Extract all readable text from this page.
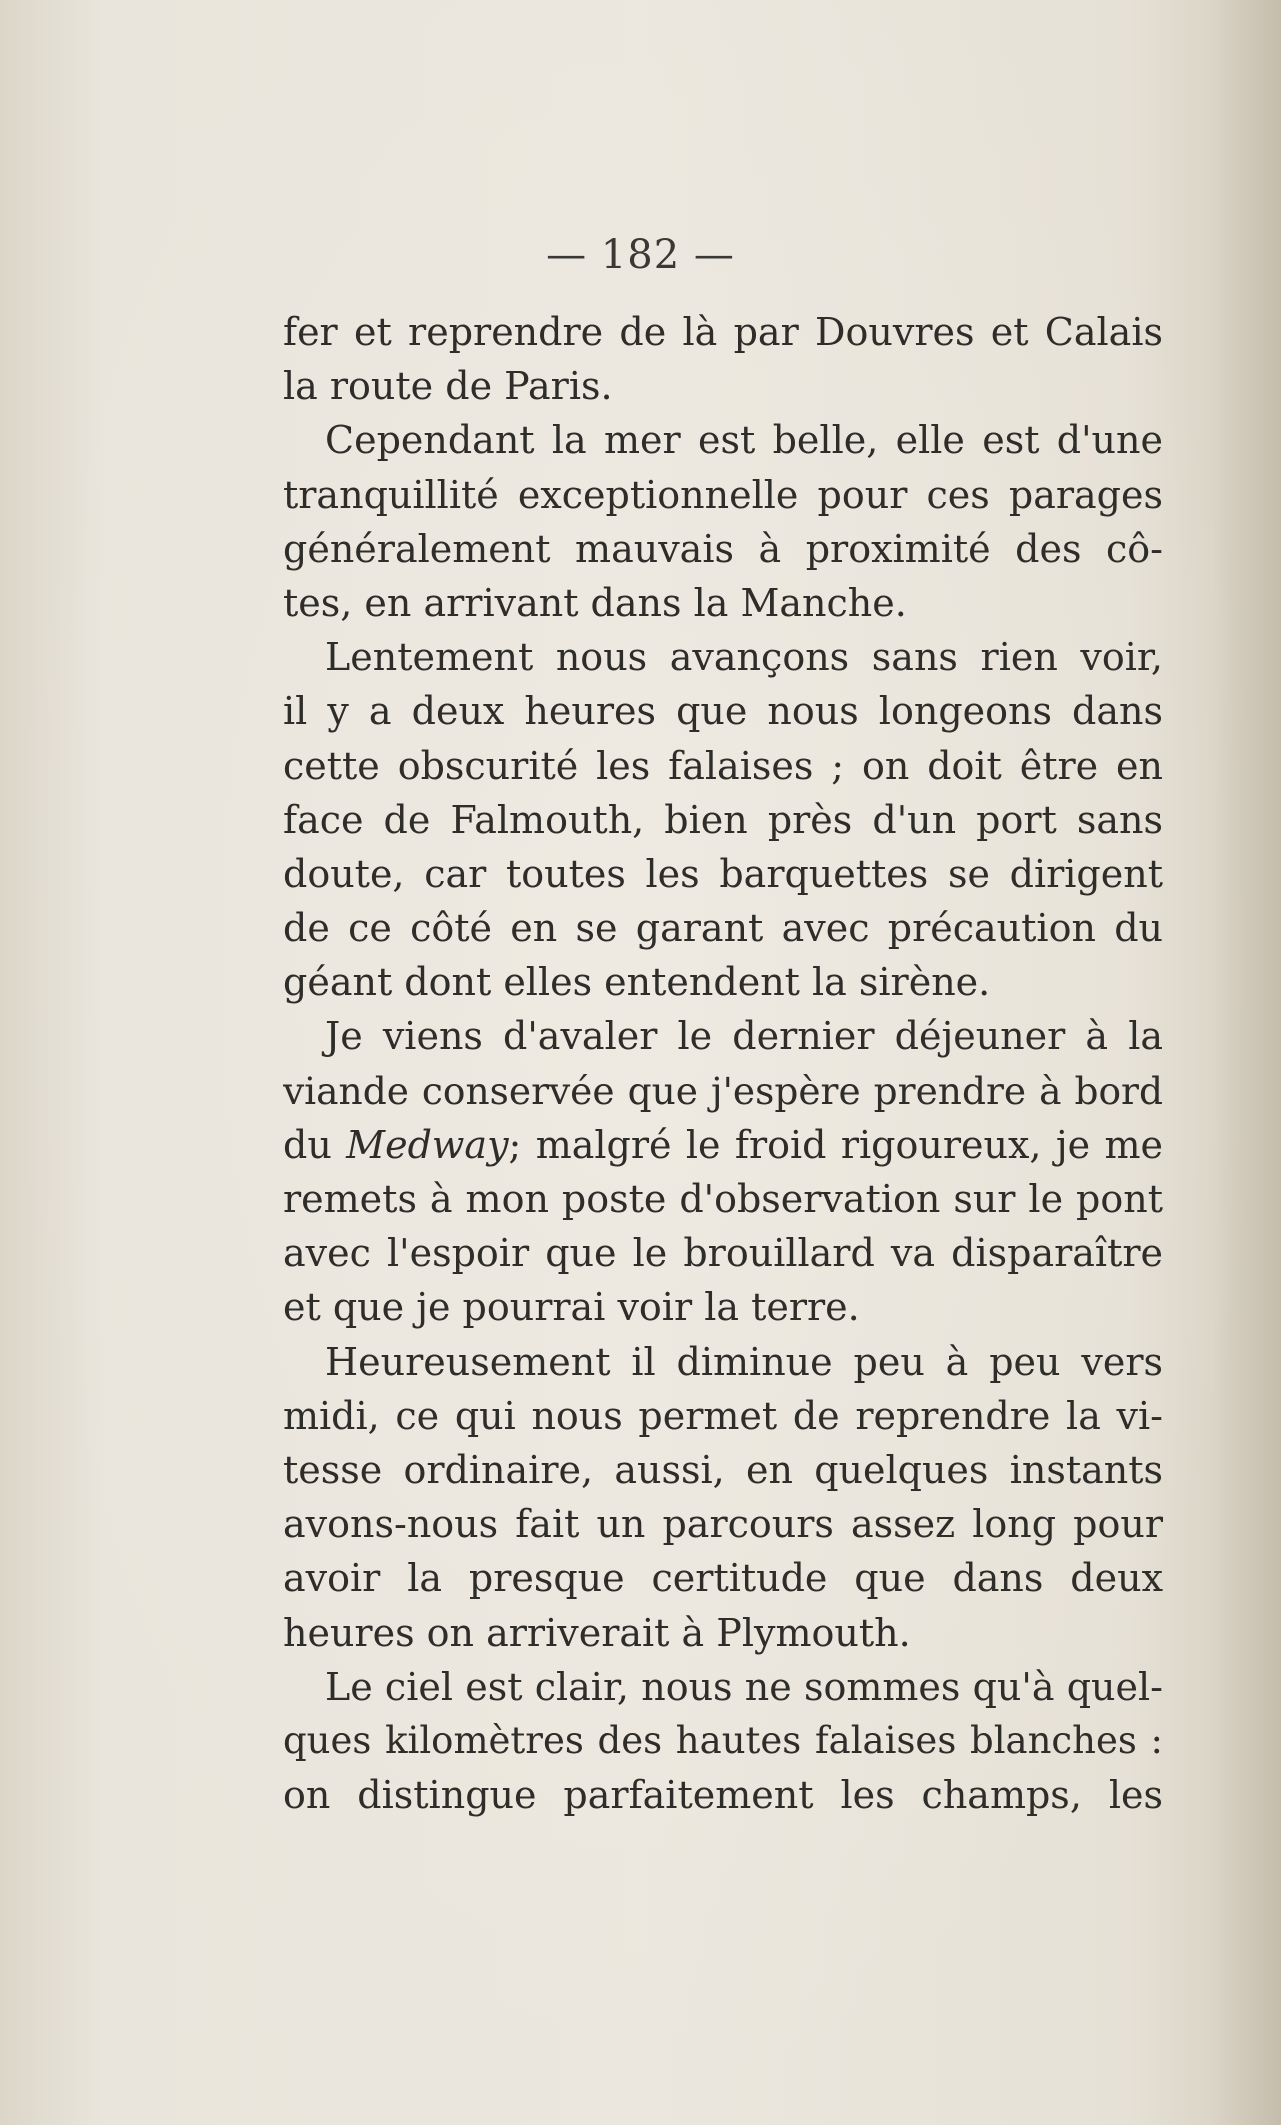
— 182 —
fer et reprendre de là par Douvres et Calais
la route de Paris.
Cependant la mer est belle, elle est d'une
tranquillité exceptionnelle pour ces parages
généralement mauvais à proximité des cô-
tes, en arrivant dans la Manche.
Lentement nous avançons sans rien voir,
il y a deux heures que nous longeons dans
cette obscurité les falaises ; on doit être en
face de Falmouth, bien près d'un port sans
doute, car toutes les barquettes se dirigent
de ce côté en se garant avec précaution du
géant dont elles entendent la sirène.
Je viens d'avaler le dernier déjeuner à la
viande conservée que j'espère prendre à bord
du Medway; malgré le froid rigoureux, je me
remets à mon poste d'observation sur le pont
avec l'espoir que le brouillard va disparaître
et que je pourrai voir la terre.
Heureusement il diminue peu à peu vers
midi, ce qui nous permet de reprendre la vi-
tesse ordinaire, aussi, en quelques instants
avons-nous fait un parcours assez long pour
avoir la presque certitude que dans deux
heures on arriverait à Plymouth.
Le ciel est clair, nous ne sommes qu'à quel-
ques kilomètres des hautes falaises blanches :
on distingue parfaitement les champs, les
